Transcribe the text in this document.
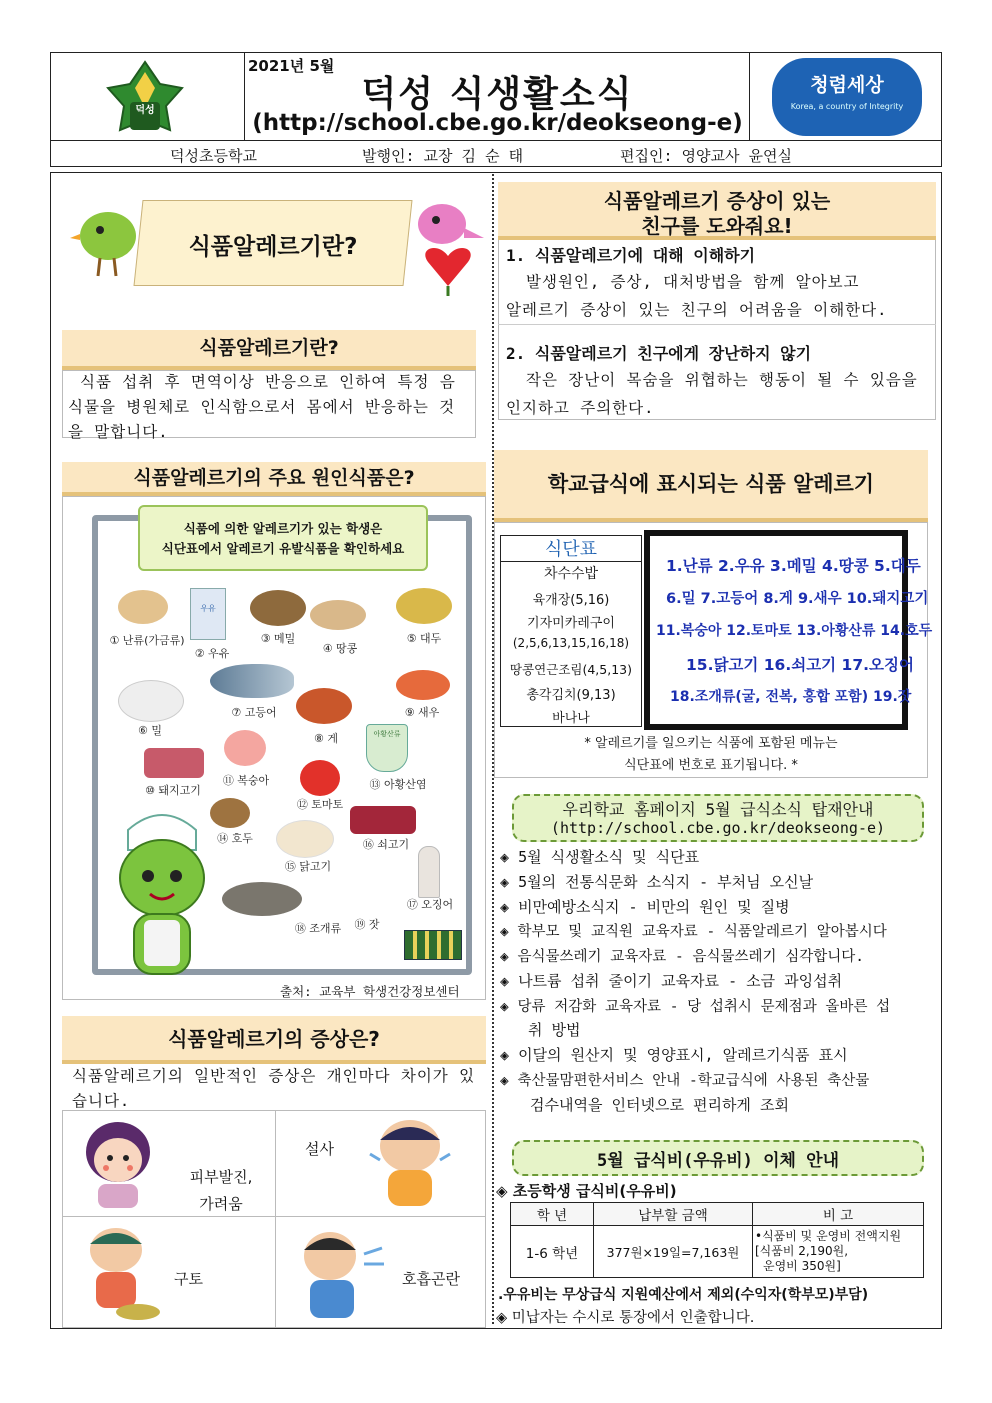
덕성
2021년 5월
덕성 식생활소식
(http://school.cbe.go.kr/deokseong-e)
청렴세상
Korea, a country of Integrity
덕성초등학교	발행인: 교장 김 순 태	편집인: 영양교사 윤연실
식품알레르기란?
식품알레르기란?
식품 섭취 후 면역이상 반응으로 인하여 특정 음식물을 병원체로 인식함으로서 몸에서 반응하는 것을 말합니다.
식품알레르기의 주요 원인식품은?
식품에 의한 알레르기가 있는 학생은
식단표에서 알레르기 유발식품을 확인하세요
① 난류(가금류)
우유
② 우유
③ 메밀
④ 땅콩
⑤ 대두
⑥ 밀
⑦ 고등어
⑧ 게
⑨ 새우
아황산류
⑩ 돼지고기
⑪ 복숭아
⑫ 토마토
⑬ 아황산염
⑭ 호두
⑮ 닭고기
⑯ 쇠고기
⑰ 오징어
⑱ 조개류	⑲ 잣
출처: 교육부 학생건강정보센터
식품알레르기의 증상은?
식품알레르기의 일반적인 증상은 개인마다 차이가 있습니다.
피부발진, 가려움
설사
구토	호흡곤란
식품알레르기 증상이 있는
친구를 도와줘요!
1. 식품알레르기에 대해 이해하기
발생원인, 증상, 대처방법을 함께 알아보고
알레르기 증상이 있는 친구의 어려움을 이해한다.
2. 식품알레르기 친구에게 장난하지 않기
작은 장난이 목숨을 위협하는 행동이 될 수 있음을
인지하고 주의한다.
학교급식에 표시되는 식품 알레르기
식단표
차수수밥
육개장(5,16)
기자미카레구이
(2,5,6,13,15,16,18)
땅콩연근조림(4,5,13)
총각김치(9,13)
바나나
1.난류 2.우유 3.메밀 4.땅콩 5.대두
6.밀 7.고등어 8.게 9.새우 10.돼지고기
11.복숭아 12.토마토 13.아황산류 14.호두
15.닭고기 16.쇠고기 17.오징어
18.조개류(굴, 전복, 홍합 포함) 19.잣
* 알레르기를 일으키는 식품에 포함된 메뉴는
식단표에 번호로 표기됩니다. *
우리학교 홈페이지 5월 급식소식 탑재안내
(http://school.cbe.go.kr/deokseong-e)
◈ 5월 식생활소식 및 식단표
◈ 5월의 전통식문화 소식지 - 부처님 오신날
◈ 비만예방소식지 - 비만의 원인 및 질병
◈ 학부모 및 교직원 교육자료 - 식품알레르기 알아봅시다
◈ 음식물쓰레기 교육자료 - 음식물쓰레기 심각합니다.
◈ 나트륨 섭취 줄이기 교육자료 - 소금 과잉섭취
◈ 당류 저감화 교육자료 - 당 섭취시 문제점과 올바른 섭
취 방법
◈ 이달의 원산지 및 영양표시, 알레르기식품 표시
◈ 축산물맘편한서비스 안내 -학교급식에 사용된 축산물
검수내역을 인터넷으로 편리하게 조회
5월 급식비(우유비) 이체 안내
◈ 초등학생 급식비(우유비)
학 년	납부할 금액	비 고
1-6 학년	377원×19일=7,163원	•식품비 및 운영비 전액지원
[식품비 2,190원,
운영비 350원]
.우유비는 무상급식 지원예산에서 제외(수익자(학부모)부담)
◈ 미납자는 수시로 통장에서 인출합니다.
